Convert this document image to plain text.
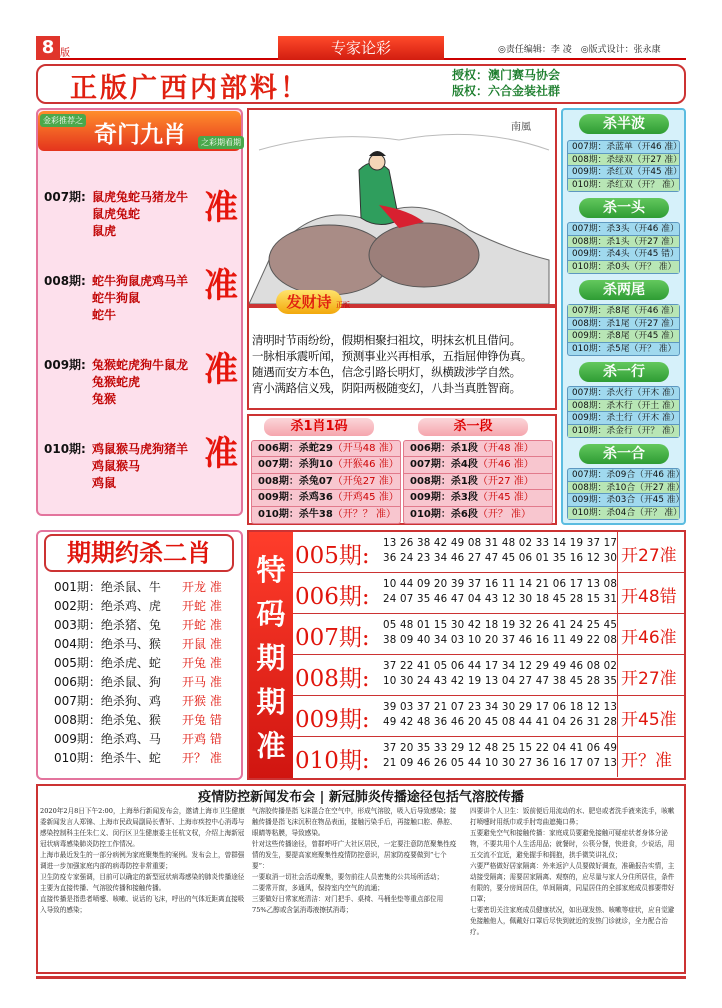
8 版	专家论彩	◎责任编辑：李 凌　◎版式设计：张永康
正版广西内部料！	授权：澳门赛马协会
版权：六合金装社群
奇门九肖
金彩推荐之
之彩期看期
007期: 鼠虎兔蛇马猪龙牛
鼠虎兔蛇
鼠虎
准
008期: 蛇牛狗鼠虎鸡马羊
蛇牛狗鼠
蛇牛
准
009期: 兔猴蛇虎狗牛鼠龙
兔猴蛇虎
兔猴
准
010期: 鸡鼠猴马虎狗猪羊
鸡鼠猴马
鸡鼠
准
南風
发财诗 正版
清明时节雨纷纷，假期相聚扫祖坟，明抹玄机且借问。
一脉相承震听闻，预测事业兴再相承，五指屈伸铮伪真。
随遇而安方本色，信念引路长明灯，纵横跋涉学自然。
宵小满路信义残，阴阳两极随变幻，八卦当真胜智商。
杀1肖1码	杀一段
006期：杀蛇29（开马48 准）
007期：杀狗10（开猴46 准）
008期：杀兔07（开兔27 准）
009期：杀鸡36（开鸡45 准）
010期：杀牛38（开？？ 准）
006期：杀1段（开48 准）
007期：杀4段（开46 准）
008期：杀1段（开27 准）
009期：杀3段（开45 准）
010期：杀6段（开？ 准）
杀半波
007期：杀蓝单（开46 准）
008期：杀绿双（开27 准）
009期：杀红双（开45 准）
010期：杀红双（开？ 准）
杀一头
007期：杀3头（开46 准）
008期：杀1头（开27 准）
009期：杀4头（开45 错）
010期：杀0头（开？ 准）
杀两尾
007期：杀8尾（开46 准）
008期：杀1尾（开27 准）
009期：杀8尾（开45 准）
010期：杀5尾（开？ 准）
杀一行
007期：杀火行（开木 准）
008期：杀木行（开土 准）
009期：杀土行（开木 准）
010期：杀金行（开？ 准）
杀一合
007期：杀09合（开46 准）
008期：杀10合（开27 准）
009期：杀03合（开45 准）
010期：杀04合（开？ 准）
期期约杀二肖
001期：绝杀鼠、牛 开龙 准
002期：绝杀鸡、虎 开蛇 准
003期：绝杀猪、兔 开蛇 准
004期：绝杀马、猴 开鼠 准
005期：绝杀虎、蛇 开兔 准
006期：绝杀鼠、狗 开马 准
007期：绝杀狗、鸡 开猴 准
008期：绝杀兔、猴 开兔 错
009期：绝杀鸡、马 开鸡 错
010期：绝杀牛、蛇 开？ 准
特
码
期
期
准
005期: 13 26 38 42 49 08 31 48 02 33 14 19 37 17
36 24 23 34 46 27 47 45 06 01 35 16 12 30 开27准
006期: 10 44 09 20 39 37 16 11 14 21 06 17 13 08
24 07 35 46 47 04 43 12 30 18 45 28 15 31 开48错
007期: 05 48 01 15 30 42 18 19 32 26 41 24 25 45
38 09 40 34 03 10 20 37 46 16 11 49 22 08 开46准
008期: 37 22 41 05 06 44 17 34 12 29 49 46 08 02
10 30 24 43 42 19 13 04 27 47 38 45 28 35 开27准
009期: 39 03 37 21 07 23 34 30 29 17 06 18 12 13
49 42 48 36 46 20 45 08 44 41 04 26 31 28 开45准
010期: 37 20 35 33 29 12 48 25 15 22 04 41 06 49
21 09 46 26 05 44 10 30 27 36 16 17 07 13 开？准
疫情防控新闻发布会 | 新冠肺炎传播途径包括气溶胶传播
2020年2月8日下午2:00，上海举行新闻发布会，邀请上海市卫生健康委新闻发言人郑锦、上海市民政局副局长曹轩、上海市疾控中心消毒与感染控制科主任朱仁义、闵行区卫生健康委主任杭文权，介绍上海新冠冠状病毒感染肺炎防控工作情况。
上海市最近发生的一部分病例为家庭聚集性的案例。发布会上，曾群强调进一步加强家庭内部的病毒防控非常重要；
卫生防疫专家强调，目前可以确定的新型冠状病毒感染的肺炎传播途径主要为直接传播、气溶胶传播和接触传播。
直接传播是指患者喷嚏、咳嗽、说话的飞沫，呼出的气体近距离直接吸入导致的感染；
气溶胶传播是指飞沫混合在空气中，形成气溶胶，吸入后导致感染；接触传播是指飞沫沉积在物品表面，接触污染手后，再接触口腔、鼻腔、眼睛等粘膜，导致感染。
针对这些传播途径，曾群呼吁广大社区居民，一定要注意防范聚集性疫情的发生，要提高家庭聚集性疫情防控意识，居家防疫要做到“七个要”：
一要取消一切社会活动聚集，要勿前往人员密集的公共场所活动；
二要常开窗，多通风，保持室内空气的流通；
三要做好日常家庭清洁：对门把手、桌椅、马桶坐垫等重点部位用75%乙醇或含氯消毒液擦拭消毒；
四要讲个人卫生：饭前便后用流动的水、肥皂或者洗手液来洗手，咳嗽打喷嚏时用纸巾或手肘弯曲遮掩口鼻；
五要避免空气和接触传播：家庭成员要避免接触可疑症状者身体分泌物，不要共用个人生活用品；就餐时，公筷分餐，快进食，少说话，用五交流不宜近，避免握手和拥抱，拱手微笑讲礼仪；
六要严格做好居家隔离：外来返沪人员要做好调查，准确报告实情，主动接受隔离；需要居家隔离、观察的，应尽量与家人分住所居住，条件有限的，要分房间居住，单间隔离，同屋居住的全部家庭成员都要带好口罩；
七要密切关注家庭成员健康状况，如出现发热、咳嗽等症状，应自觉避免接触他人，佩戴好口罩后尽快到就近的发热门诊就诊，全力配合治疗。
